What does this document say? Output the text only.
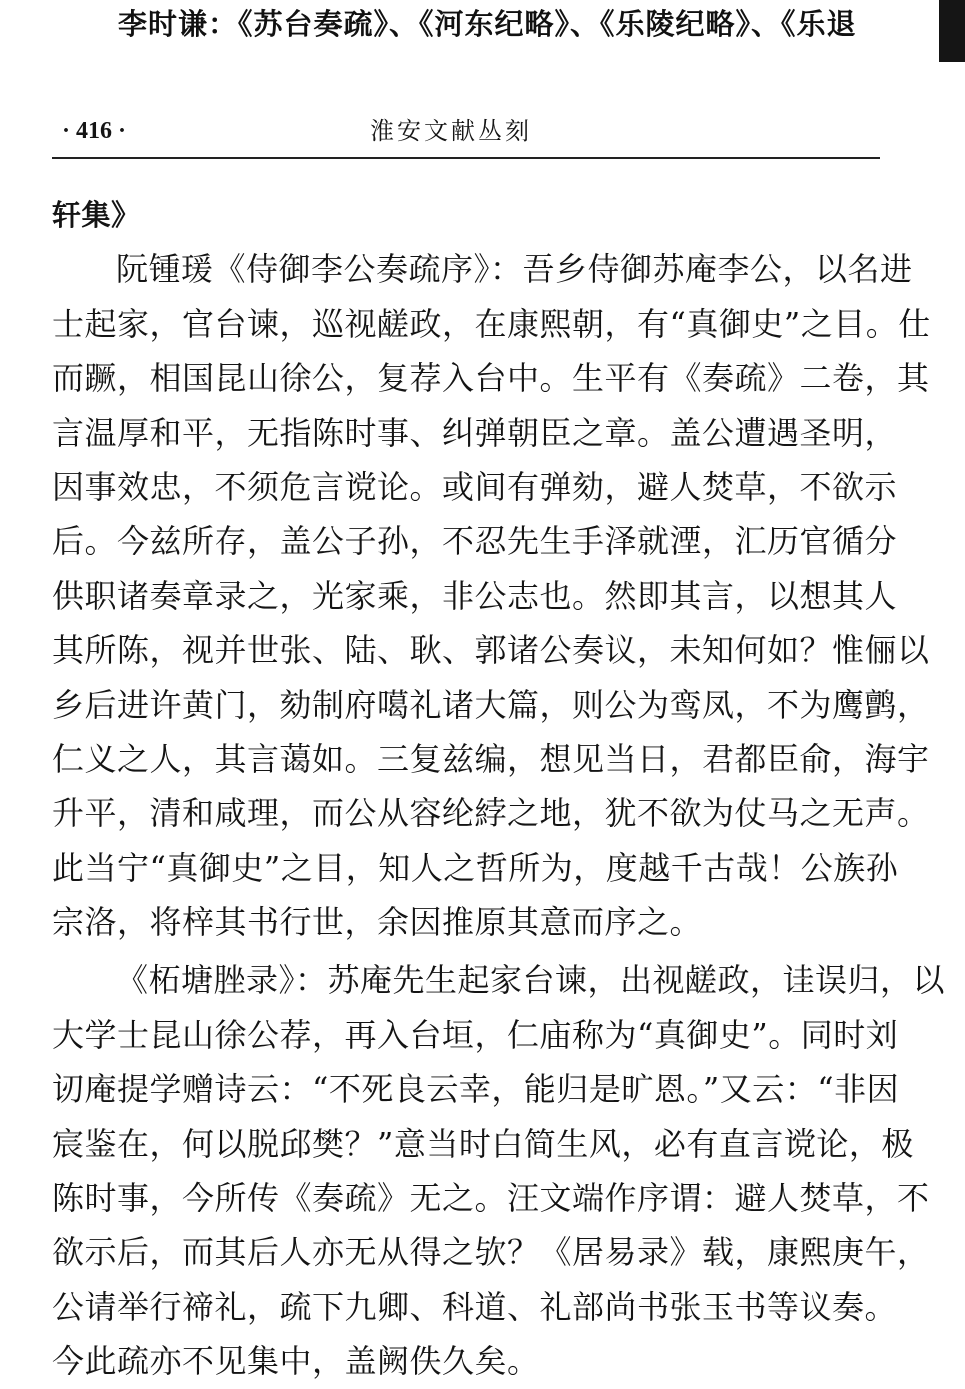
李时谦：《苏台奏疏》、《河东纪略》、《乐陵纪略》、《乐退
· 416 ·	淮安文献丛刻
轩集》
阮锺瑗《侍御李公奏疏序》：吾乡侍御苏庵李公，以名进
士起家，官台谏，巡视鹾政，在康熙朝，有“真御史”之目。仕
而蹶，相国昆山徐公，复荐入台中。生平有《奏疏》二卷，其
言温厚和平，无指陈时事、纠弹朝臣之章。盖公遭遇圣明，
因事效忠，不须危言谠论。或间有弹劾，避人焚草，不欲示
后。今兹所存，盖公子孙，不忍先生手泽就湮，汇历官循分
供职诸奏章录之，光家乘，非公志也。然即其言，以想其人
其所陈，视并世张、陆、耿、郭诸公奏议，未知何如？惟俪以
乡后进许黄门，劾制府噶礼诸大篇，则公为鸾凤，不为鹰鹯，
仁义之人，其言蔼如。三复兹编，想见当日，君都臣俞，海宇
升平，清和咸理，而公从容纶綍之地，犹不欲为仗马之无声。
此当宁“真御史”之目，知人之哲所为，度越千古哉！公族孙
宗洛，将梓其书行世，余因推原其意而序之。
《柘塘脞录》：苏庵先生起家台谏，出视鹾政，诖误归，以
大学士昆山徐公荐，再入台垣，仁庙称为“真御史”。同时刘
讱庵提学赠诗云：“不死良云幸，能归是旷恩。”又云：“非因
宸鉴在，何以脱邱樊？”意当时白简生风，必有直言谠论，极
陈时事，今所传《奏疏》无之。汪文端作序谓：避人焚草，不
欲示后，而其后人亦无从得之欤？《居易录》载，康熙庚午，
公请举行禘礼，疏下九卿、科道、礼部尚书张玉书等议奏。
今此疏亦不见集中，盖阙佚久矣。
